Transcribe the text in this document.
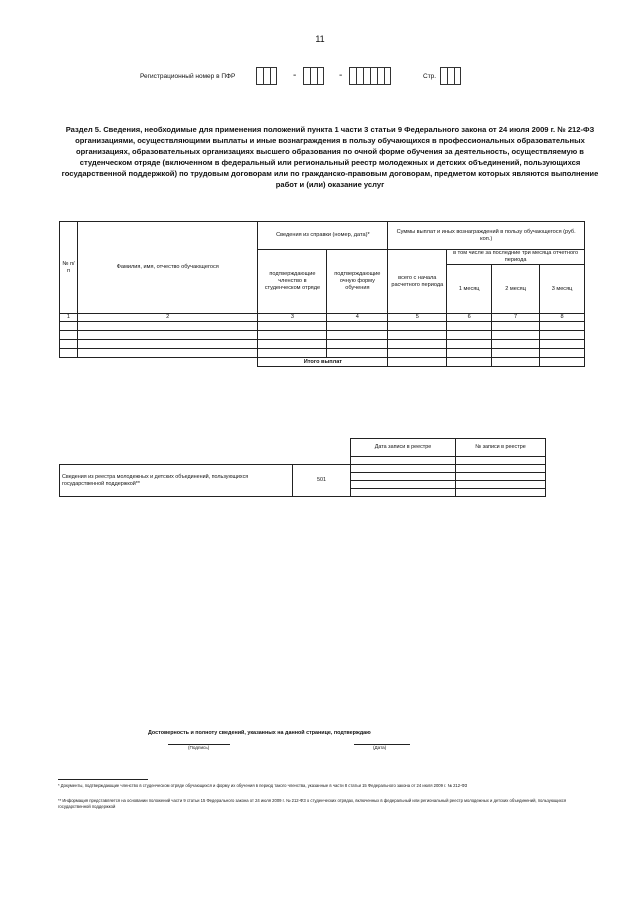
11
Регистрационный номер в ПФР	-	-	Стр.
Раздел 5. Сведения, необходимые для применения положений пункта 1 части 3 статьи 9 Федерального закона от 24 июля 2009 г. № 212-ФЗ организациями, осуществляющими выплаты и иные вознаграждения в пользу обучающихся в профессиональных образовательных организациях, образовательных организациях высшего образования по очной форме обучения за деятельность, осуществляемую в студенческом отряде (включенном в федеральный или региональный реестр молодежных и детских объединений, пользующихся государственной поддержкой) по трудовым договорам или по гражданско-правовым договорам, предметом которых являются выполнение работ и (или) оказание услуг
№ п/п	Фамилия, имя, отчество обучающегося	Сведения из справки (номер, дата)*		Суммы выплат и иных вознаграждений в пользу обучающегося (руб. коп.)			
		подтверждающие членство в студенческом отряде	подтверждающие очную форму обучения	всего с начала расчетного периода	в том числе за последние три месяца отчетного периода		
					1 месяц	2 месяц	3 месяц
1	2	3	4	5	6	7	8

		Итого выплат					
		Дата записи в реестре	№ записи в реестре

Сведения из реестра молодежных и детских объединений, пользующихся государственной поддержкой**	501		

Достоверность и полноту сведений, указанных на данной странице, подтверждаю
(Подпись)	(Дата)
* Документы, подтверждающие членство в студенческом отряде обучающихся и форму их обучения в период такого членства, указанные в части 8 статьи 15 Федерального закона от 24 июля 2009 г. № 212-ФЗ
** Информация представляется на основании положений части 9 статьи 15 Федерального закона от 24 июля 2009 г. № 212-ФЗ о студенческих отрядах, включенных в федеральный или региональный реестр молодежных и детских объединений, пользующихся государственной поддержкой
